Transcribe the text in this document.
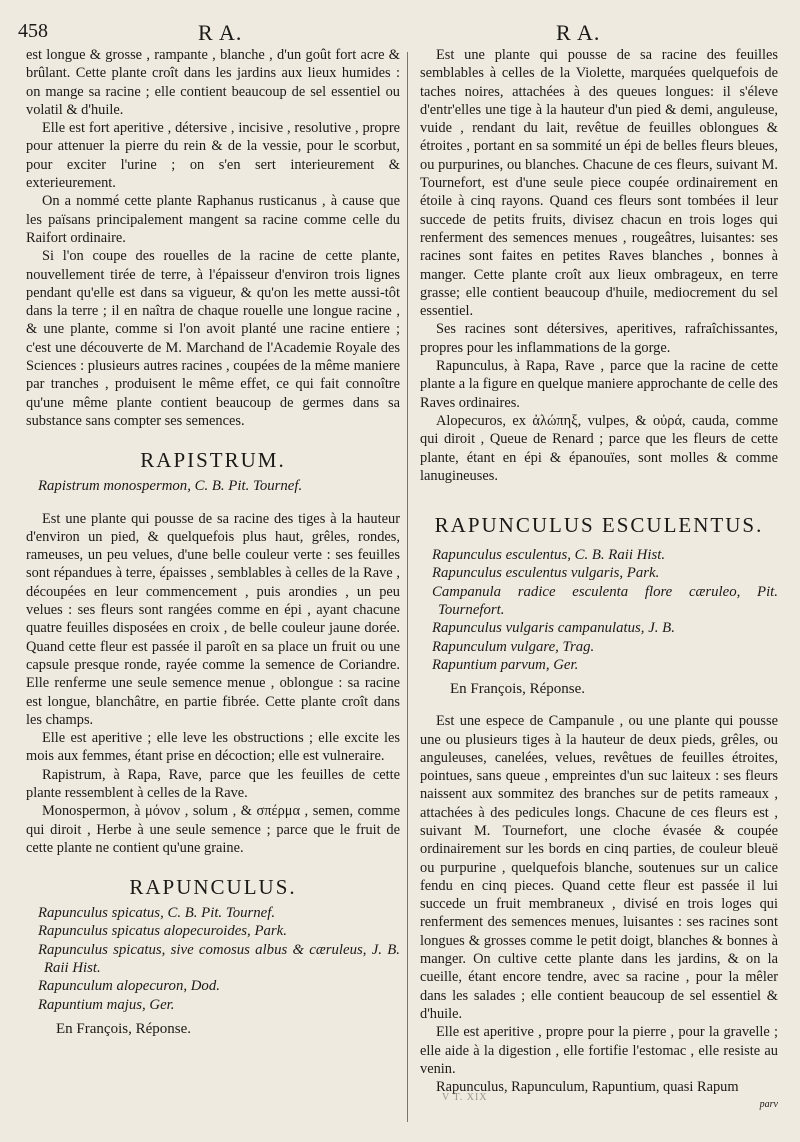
458	R A.	R A.

est longue & grosse , rampante , blanche , d'un goût fort acre & brûlant. Cette plante croît dans les jardins aux lieux humides : on mange sa racine ; elle contient beaucoup de sel essentiel ou volatil & d'huile.

Elle est fort aperitive , détersive , incisive , resolutive , propre pour attenuer la pierre du rein & de la vessie, pour le scorbut, pour exciter l'urine ; on s'en sert interieurement & exterieurement.

On a nommé cette plante Raphanus rusticanus , à cause que les païsans principalement mangent sa racine comme celle du Raifort ordinaire.

Si l'on coupe des rouelles de la racine de cette plante, nouvellement tirée de terre, à l'épaisseur d'environ trois lignes pendant qu'elle est dans sa vigueur, & qu'on les mette aussi-tôt dans la terre ; il en naîtra de chaque rouelle une longue racine , & une plante, comme si l'on avoit planté une racine entiere ; c'est une découverte de M. Marchand de l'Academie Royale des Sciences : plusieurs autres racines , coupées de la même maniere par tranches , produisent le même effet, ce qui fait connoître qu'une même plante contient beaucoup de germes dans sa substance sans compter ses semences.

RAPISTRUM.

Rapistrum monospermon, C. B. Pit. Tournef.

Est une plante qui pousse de sa racine des tiges à la hauteur d'environ un pied, & quelquefois plus haut, grêles, rondes, rameuses, un peu velues, d'une belle couleur verte : ses feuilles sont répandues à terre, épaisses , semblables à celles de la Rave , découpées en leur commencement , puis arondies , un peu velues : ses fleurs sont rangées comme en épi , ayant chacune quatre feuilles disposées en croix , de belle couleur jaune dorée. Quand cette fleur est passée il paroît en sa place un fruit ou une capsule presque ronde, rayée comme la semence de Coriandre. Elle renferme une seule semence menue , oblongue : sa racine est longue, blanchâtre, en partie fibrée. Cette plante croît dans les champs.

Elle est aperitive ; elle leve les obstructions ; elle excite les mois aux femmes, étant prise en décoction; elle est vulneraire.

Rapistrum, à Rapa, Rave, parce que les feuilles de cette plante ressemblent à celles de la Rave.

Monospermon, à μόνον , solum , & σπέρμα , semen, comme qui diroit , Herbe à une seule semence ; parce que le fruit de cette plante ne contient qu'une graine.

RAPUNCULUS.

Rapunculus spicatus, C. B. Pit. Tournef.

Rapunculus spicatus alopecuroides, Park.

Rapunculus spicatus, sive comosus albus & cæruleus, J. B. Raii Hist.

Rapunculum alopecuron, Dod.

Rapuntium majus, Ger.

En François, Réponse.

Est une plante qui pousse de sa racine des feuilles semblables à celles de la Violette, marquées quelquefois de taches noires, attachées à des queues longues: il s'éleve d'entr'elles une tige à la hauteur d'un pied & demi, anguleuse, vuide , rendant du lait, revêtue de feuilles oblongues & étroites , portant en sa sommité un épi de belles fleurs bleues, ou purpurines, ou blanches. Chacune de ces fleurs, suivant M. Tournefort, est d'une seule piece coupée ordinairement en étoile à cinq rayons. Quand ces fleurs sont tombées il leur succede de petits fruits, divisez chacun en trois loges qui renferment des semences menues , rougeâtres, luisantes: ses racines sont faites en petites Raves blanches , bonnes à manger. Cette plante croît aux lieux ombrageux, en terre grasse; elle contient beaucoup d'huile, mediocrement du sel essentiel.

Ses racines sont détersives, aperitives, rafraîchissantes, propres pour les inflammations de la gorge.

Rapunculus, à Rapa, Rave , parce que la racine de cette plante a la figure en quelque maniere approchante de celle des Raves ordinaires.

Alopecuros, ex ἀλώπηξ, vulpes, & οὐρά, cauda, comme qui diroit , Queue de Renard ; parce que les fleurs de cette plante, étant en épi & épanouïes, sont molles & comme lanugineuses.

RAPUNCULUS ESCULENTUS.

Rapunculus esculentus, C. B. Raii Hist.

Rapunculus esculentus vulgaris, Park.

Campanula radice esculenta flore cæruleo, Pit. Tournefort.

Rapunculus vulgaris campanulatus, J. B.

Rapunculum vulgare, Trag.

Rapuntium parvum, Ger.

En François, Réponse.

Est une espece de Campanule , ou une plante qui pousse une ou plusieurs tiges à la hauteur de deux pieds, grêles, ou anguleuses, canelées, velues, revêtues de feuilles étroites, pointues, sans queue , empreintes d'un suc laiteux : ses fleurs naissent aux sommitez des branches sur de petits rameaux , attachées à des pedicules longs. Chacune de ces fleurs est , suivant M. Tournefort, une cloche évasée & coupée ordinairement sur les bords en cinq parties, de couleur bleuë ou purpurine , quelquefois blanche, soutenues sur un calice fendu en cinq pieces. Quand cette fleur est passée il lui succede un fruit membraneux , divisé en trois loges qui renferment des semences menues, luisantes : ses racines sont longues & grosses comme le petit doigt, blanches & bonnes à manger. On cultive cette plante dans les jardins, & on la cueille, étant encore tendre, avec sa racine , pour la mêler dans les salades ; elle contient beaucoup de sel essentiel & d'huile.

Elle est aperitive , propre pour la pierre , pour la gravelle ; elle aide à la digestion , elle fortifie l'estomac , elle resiste au venin.

Rapunculus, Rapunculum, Rapuntium, quasi Rapum

parv

V T. XIX
